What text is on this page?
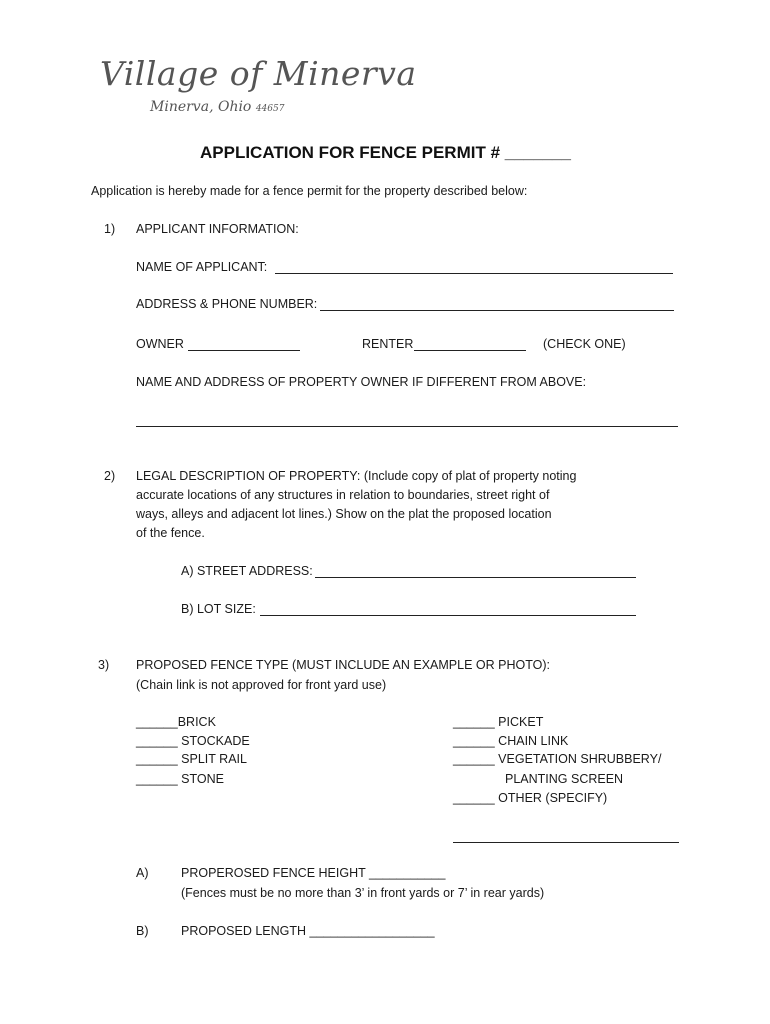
Village of Minerva
Minerva, Ohio 44657
APPLICATION FOR FENCE PERMIT # _______
Application is hereby made for a fence permit for the property described below:
1) APPLICANT INFORMATION:
NAME OF APPLICANT:
ADDRESS & PHONE NUMBER:
OWNER	RENTER	(CHECK ONE)
NAME AND ADDRESS OF PROPERTY OWNER IF DIFFERENT FROM ABOVE:
2) LEGAL DESCRIPTION OF PROPERTY: (Include copy of plat of property noting
accurate locations of any structures in relation to boundaries, street right of
ways, alleys and adjacent lot lines.) Show on the plat the proposed location
of the fence.
A) STREET ADDRESS:
B) LOT SIZE:
3) PROPOSED FENCE TYPE (MUST INCLUDE AN EXAMPLE OR PHOTO):
(Chain link is not approved for front yard use)
______BRICK
______ STOCKADE
______ SPLIT RAIL
______ STONE
______ PICKET
______ CHAIN LINK
______ VEGETATION SHRUBBERY/
PLANTING SCREEN
______ OTHER (SPECIFY)
A)	PROPEROSED FENCE HEIGHT ___________
(Fences must be no more than 3’ in front yards or 7’ in rear yards)
B)	PROPOSED LENGTH __________________
